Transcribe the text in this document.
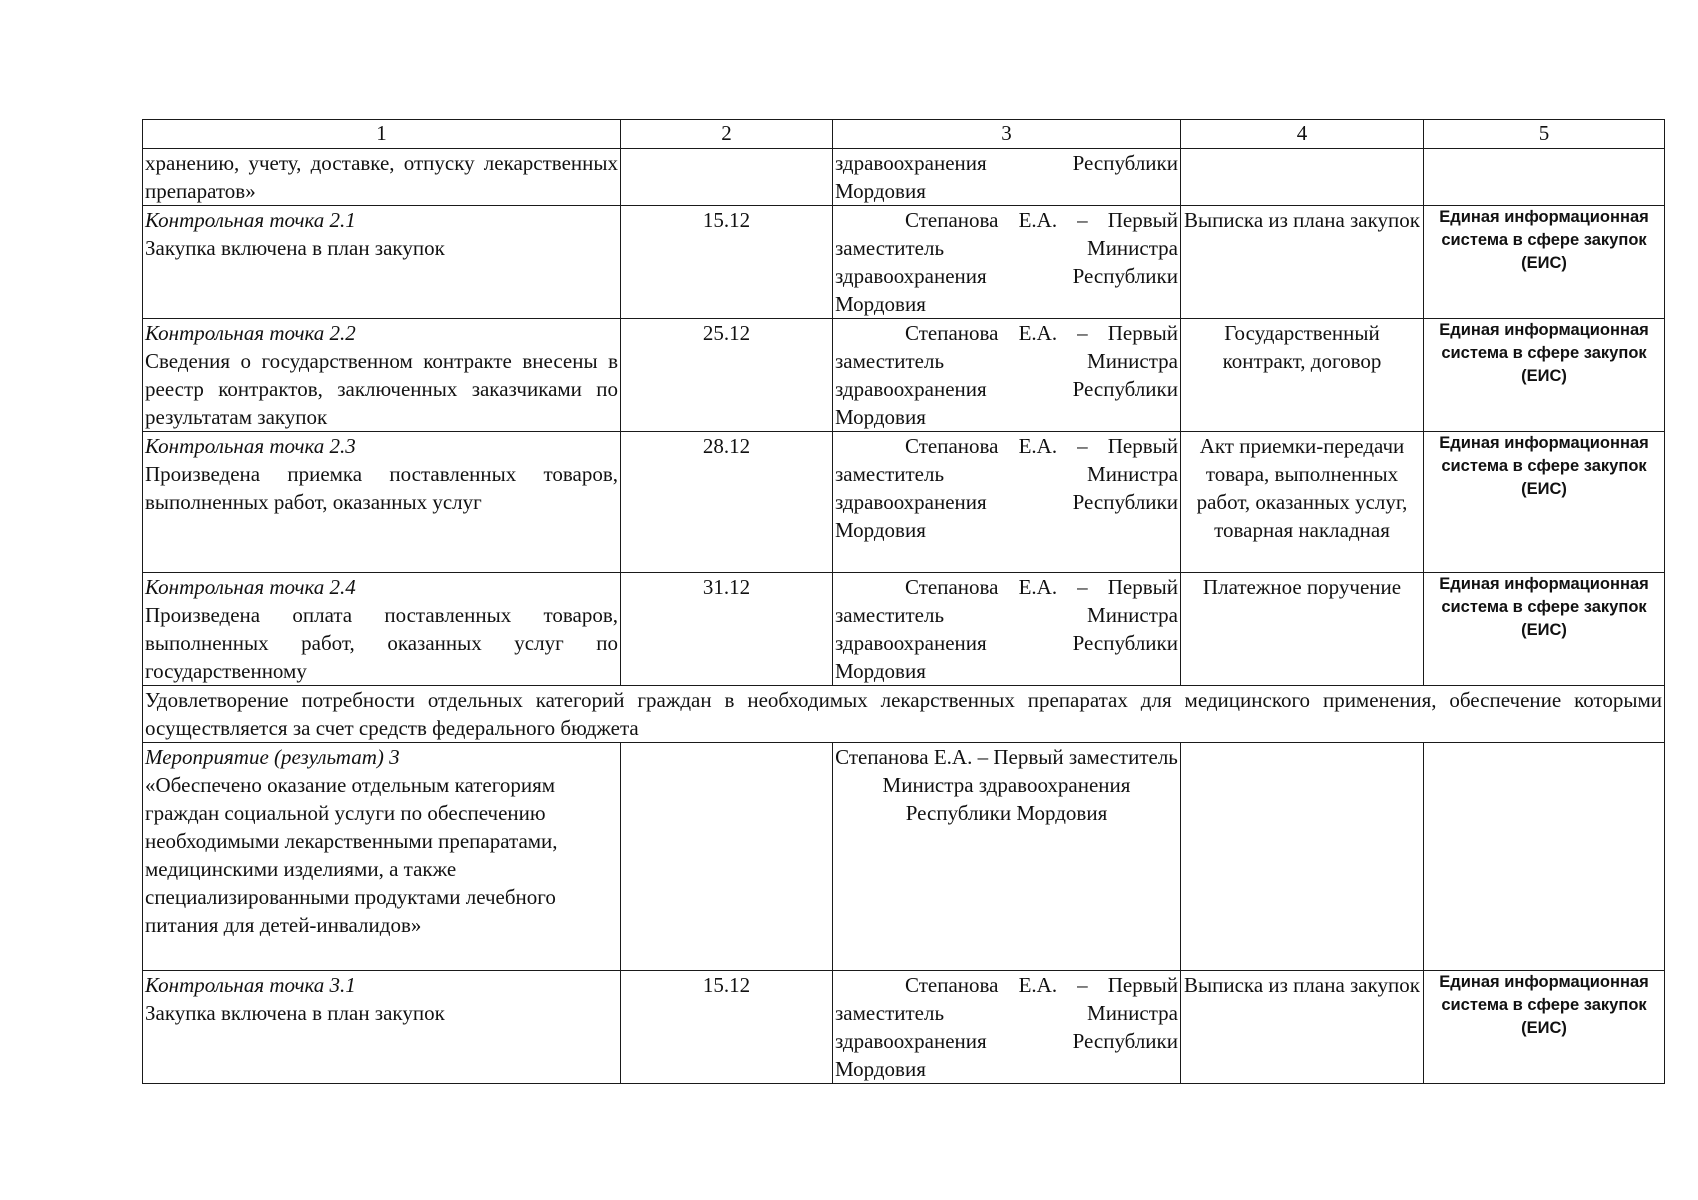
1	2	3	4	5

хранению, учету, доставке, отпуску лекарственных препаратов»		здравоохранения Республики Мордовия		

Контрольная точка 2.1
Закупка включена в план закупок	15.12	Степанова Е.А. – Первый заместитель Министра здравоохранения Республики Мордовия	Выписка из плана закупок	Единая информационная система в сфере закупок (ЕИС)

Контрольная точка 2.2
Сведения о государственном контракте внесены в реестр контрактов, заключенных заказчиками по результатам закупок	25.12	Степанова Е.А. – Первый заместитель Министра здравоохранения Республики Мордовия	Государственный контракт, договор	Единая информационная система в сфере закупок (ЕИС)

Контрольная точка 2.3
Произведена приемка поставленных товаров, выполненных работ, оказанных услуг	28.12	Степанова Е.А. – Первый заместитель Министра здравоохранения Республики Мордовия	Акт приемки-передачи товара, выполненных работ, оказанных услуг, товарная накладная	Единая информационная система в сфере закупок (ЕИС)

Контрольная точка 2.4
Произведена оплата поставленных товаров, выполненных работ, оказанных услуг по государственному	31.12	Степанова Е.А. – Первый заместитель Министра здравоохранения Республики Мордовия	Платежное поручение	Единая информационная система в сфере закупок (ЕИС)

Удовлетворение потребности отдельных категорий граждан в необходимых лекарственных препаратах для медицинского применения, обеспечение которыми осуществляется за счет средств федерального бюджета				

Мероприятие (результат) 3
«Обеспечено оказание отдельным категориям граждан социальной услуги по обеспечению необходимыми лекарственными препаратами, медицинскими изделиями, а также специализированными продуктами лечебного питания для детей-инвалидов»		Степанова Е.А. – Первый заместитель Министра здравоохранения Республики Мордовия		

Контрольная точка 3.1
Закупка включена в план закупок	15.12	Степанова Е.А. – Первый заместитель Министра здравоохранения Республики Мордовия	Выписка из плана закупок	Единая информационная система в сфере закупок (ЕИС)
